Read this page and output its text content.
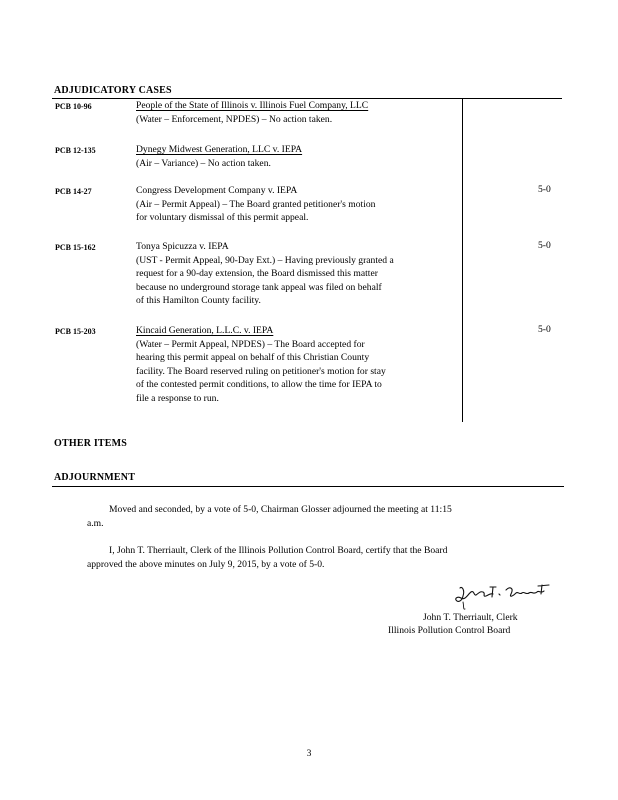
ADJUDICATORY CASES
PCB 10-96	People of the State of Illinois v. Illinois Fuel Company, LLC
(Water – Enforcement, NPDES) – No action taken.
PCB 12-135	Dynegy Midwest Generation, LLC v. IEPA
(Air – Variance) – No action taken.
PCB 14-27	Congress Development Company v. IEPA
(Air – Permit Appeal) – The Board granted petitioner's motion
for voluntary dismissal of this permit appeal.
5-0
PCB 15-162	Tonya Spicuzza v. IEPA
(UST - Permit Appeal, 90-Day Ext.) – Having previously granted a
request for a 90-day extension, the Board dismissed this matter
because no underground storage tank appeal was filed on behalf
of this Hamilton County facility.
5-0
PCB 15-203	Kincaid Generation, L.L.C. v. IEPA
(Water – Permit Appeal, NPDES) – The Board accepted for
hearing this permit appeal on behalf of this Christian County
facility. The Board reserved ruling on petitioner's motion for stay
of the contested permit conditions, to allow the time for IEPA to
file a response to run.
5-0
OTHER ITEMS
ADJOURNMENT
Moved and seconded, by a vote of 5-0, Chairman Glosser adjourned the meeting at 11:15
a.m.
I, John T. Therriault, Clerk of the Illinois Pollution Control Board, certify that the Board
approved the above minutes on July 9, 2015, by a vote of 5-0.
John T. Therriault, Clerk
Illinois Pollution Control Board
3
